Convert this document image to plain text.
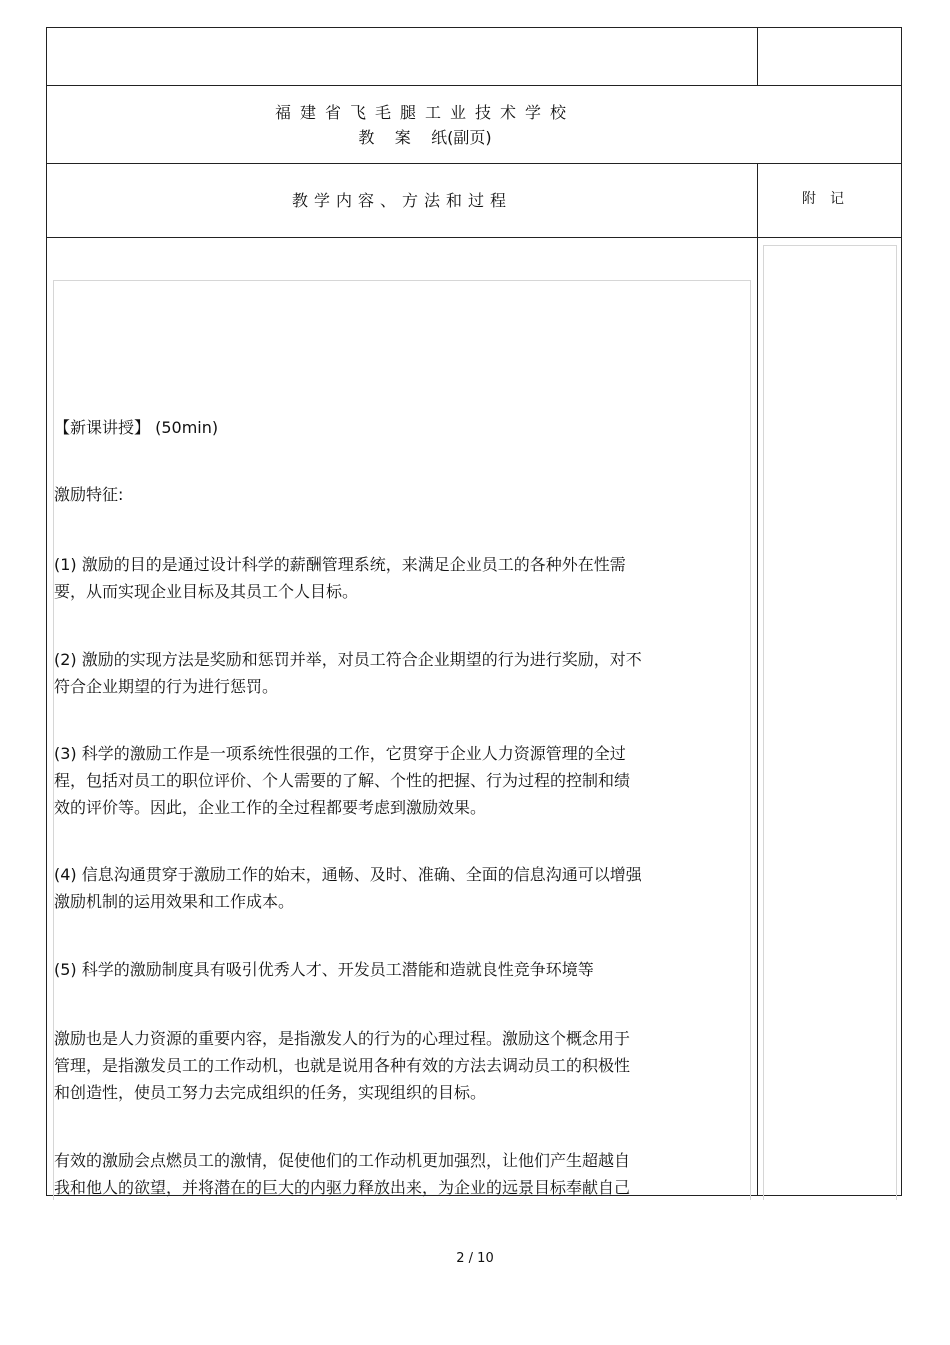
福建省飞毛腿工业技术学校
教    案    纸(副页)
教学内容、方法和过程	附记

【新课讲授】 (50min)

激励特征:

(1) 激励的目的是通过设计科学的薪酬管理系统，来满足企业员工的各种外在性需
要，从而实现企业目标及其员工个人目标。

(2) 激励的实现方法是奖励和惩罚并举，对员工符合企业期望的行为进行奖励，对不
符合企业期望的行为进行惩罚。

(3) 科学的激励工作是一项系统性很强的工作，它贯穿于企业人力资源管理的全过
程，包括对员工的职位评价、个人需要的了解、个性的把握、行为过程的控制和绩
效的评价等。因此，企业工作的全过程都要考虑到激励效果。

(4) 信息沟通贯穿于激励工作的始末，通畅、及时、准确、全面的信息沟通可以增强
激励机制的运用效果和工作成本。

(5) 科学的激励制度具有吸引优秀人才、开发员工潜能和造就良性竞争环境等

激励也是人力资源的重要内容，是指激发人的行为的心理过程。激励这个概念用于
管理，是指激发员工的工作动机，也就是说用各种有效的方法去调动员工的积极性
和创造性，使员工努力去完成组织的任务，实现组织的目标。

有效的激励会点燃员工的激情，促使他们的工作动机更加强烈，让他们产生超越自
我和他人的欲望，并将潜在的巨大的内驱力释放出来，为企业的远景目标奉献自己

2 / 10
